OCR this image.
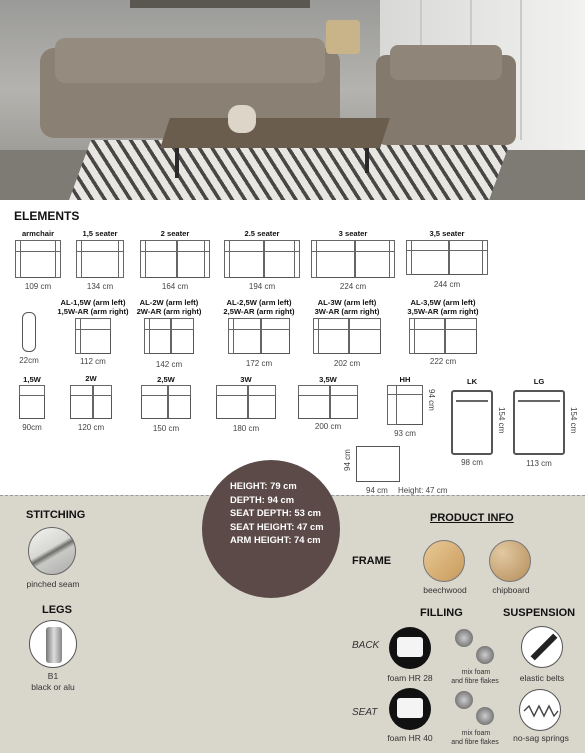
ELEMENTS
armchair
109 cm
1,5 seater
134 cm
2 seater
164 cm
2.5 seater
194 cm
3 seater
224 cm
3,5 seater
244 cm
22cm
AL-1,5W (arm left)
1,5W-AR (arm right)
112 cm
AL-2W (arm left)
2W-AR (arm right)
142 cm
AL-2,5W (arm left)
2,5W-AR (arm right)
172 cm
AL-3W (arm left)
3W-AR (arm right)
202 cm
AL-3,5W (arm left)
3,5W-AR (arm right)
222 cm
1,5W
90cm
2W
120 cm
2,5W
150 cm
3W
180 cm
3,5W
200 cm
HH
93 cm
94 cm
LK
98 cm
154 cm
LG
113 cm
154 cm
94 cm
94 cm
Height: 47 cm
HEIGHT: 79 cm
DEPTH: 94 cm
SEAT DEPTH: 53 cm
SEAT HEIGHT: 47 cm
ARM HEIGHT: 74 cm
STITCHING
pinched seam
LEGS
B1
black or alu
PRODUCT INFO
FRAME
beechwood	chipboard
FILLING	SUSPENSION
BACK
foam HR 28
mix foam
and fibre flakes	elastic belts
SEAT
foam HR 40	mix foam
and fibre flakes	no-sag springs
